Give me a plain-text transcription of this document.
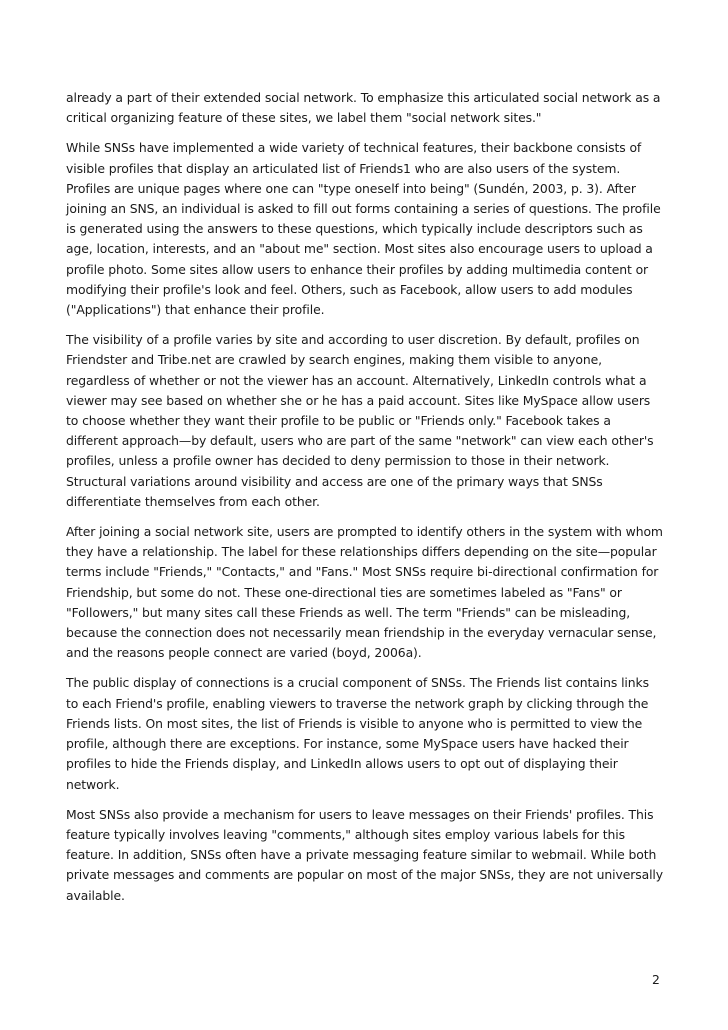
already a part of their extended social network. To emphasize this articulated social network as a critical organizing feature of these sites, we label them "social network sites."

While SNSs have implemented a wide variety of technical features, their backbone consists of visible profiles that display an articulated list of Friends1 who are also users of the system. Profiles are unique pages where one can "type oneself into being" (Sundén, 2003, p. 3). After joining an SNS, an individual is asked to fill out forms containing a series of questions. The profile is generated using the answers to these questions, which typically include descriptors such as age, location, interests, and an "about me" section. Most sites also encourage users to upload a profile photo. Some sites allow users to enhance their profiles by adding multimedia content or modifying their profile's look and feel. Others, such as Facebook, allow users to add modules ("Applications") that enhance their profile.

The visibility of a profile varies by site and according to user discretion. By default, profiles on Friendster and Tribe.net are crawled by search engines, making them visible to anyone, regardless of whether or not the viewer has an account. Alternatively, LinkedIn controls what a viewer may see based on whether she or he has a paid account. Sites like MySpace allow users to choose whether they want their profile to be public or "Friends only." Facebook takes a different approach—by default, users who are part of the same "network" can view each other's profiles, unless a profile owner has decided to deny permission to those in their network. Structural variations around visibility and access are one of the primary ways that SNSs differentiate themselves from each other.

After joining a social network site, users are prompted to identify others in the system with whom they have a relationship. The label for these relationships differs depending on the site—popular terms include "Friends," "Contacts," and "Fans." Most SNSs require bi-directional confirmation for Friendship, but some do not. These one-directional ties are sometimes labeled as "Fans" or "Followers," but many sites call these Friends as well. The term "Friends" can be misleading, because the connection does not necessarily mean friendship in the everyday vernacular sense, and the reasons people connect are varied (boyd, 2006a).

The public display of connections is a crucial component of SNSs. The Friends list contains links to each Friend's profile, enabling viewers to traverse the network graph by clicking through the Friends lists. On most sites, the list of Friends is visible to anyone who is permitted to view the profile, although there are exceptions. For instance, some MySpace users have hacked their profiles to hide the Friends display, and LinkedIn allows users to opt out of displaying their network.

Most SNSs also provide a mechanism for users to leave messages on their Friends' profiles. This feature typically involves leaving "comments," although sites employ various labels for this feature. In addition, SNSs often have a private messaging feature similar to webmail. While both private messages and comments are popular on most of the major SNSs, they are not universally available.

2
